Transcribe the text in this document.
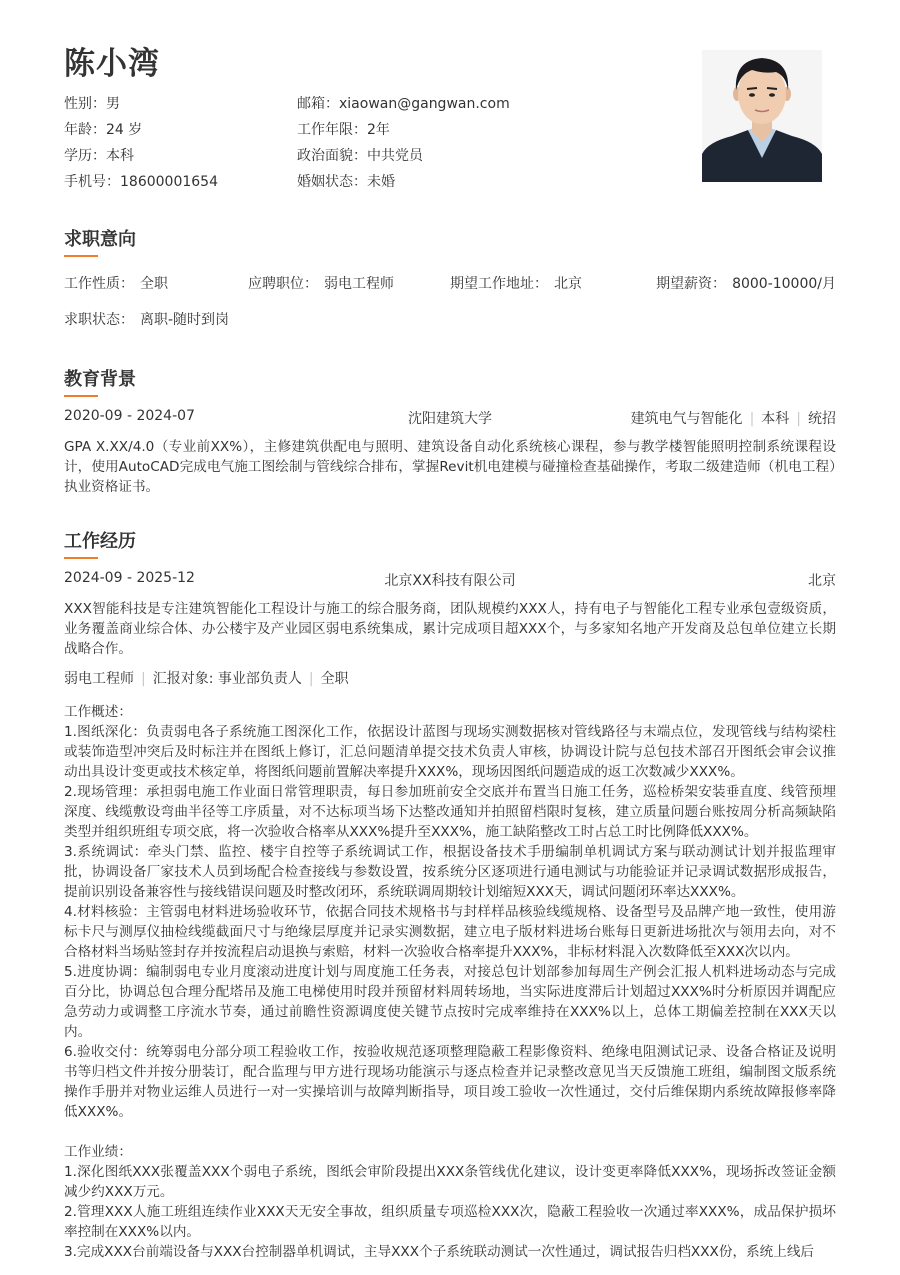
陈小湾
性别：男	邮箱：xiaowan@gangwan.com
年龄：24 岁	工作年限：2年
学历：本科	政治面貌：中共党员
手机号：18600001654	婚姻状态：未婚
求职意向
工作性质： 全职	应聘职位： 弱电工程师	期望工作地址： 北京	期望薪资： 8000-10000/月
求职状态： 离职-随时到岗
教育背景
2020-09 - 2024-07	沈阳建筑大学	建筑电气与智能化 | 本科 | 统招

GPA X.XX/4.0（专业前XX%），主修建筑供配电与照明、建筑设备自动化系统核心课程，参与教学楼智能照明控制系统课程设计，使用AutoCAD完成电气施工图绘制与管线综合排布，掌握Revit机电建模与碰撞检查基础操作，考取二级建造师（机电工程）执业资格证书。

工作经历
2024-09 - 2025-12	北京XX科技有限公司	北京

XXX智能科技是专注建筑智能化工程设计与施工的综合服务商，团队规模约XXX人，持有电子与智能化工程专业承包壹级资质，业务覆盖商业综合体、办公楼宇及产业园区弱电系统集成，累计完成项目超XXX个，与多家知名地产开发商及总包单位建立长期战略合作。

弱电工程师 | 汇报对象: 事业部负责人 | 全职

工作概述：

1.图纸深化：负责弱电各子系统施工图深化工作，依据设计蓝图与现场实测数据核对管线路径与末端点位，发现管线与结构梁柱或装饰造型冲突后及时标注并在图纸上修订，汇总问题清单提交技术负责人审核，协调设计院与总包技术部召开图纸会审会议推动出具设计变更或技术核定单，将图纸问题前置解决率提升XXX%，现场因图纸问题造成的返工次数减少XXX%。

2.现场管理：承担弱电施工作业面日常管理职责，每日参加班前安全交底并布置当日施工任务，巡检桥架安装垂直度、线管预埋深度、线缆敷设弯曲半径等工序质量，对不达标项当场下达整改通知并拍照留档限时复核，建立质量问题台账按周分析高频缺陷类型并组织班组专项交底，将一次验收合格率从XXX%提升至XXX%，施工缺陷整改工时占总工时比例降低XXX%。

3.系统调试：牵头门禁、监控、楼宇自控等子系统调试工作，根据设备技术手册编制单机调试方案与联动测试计划并报监理审批，协调设备厂家技术人员到场配合检查接线与参数设置，按系统分区逐项进行通电测试与功能验证并记录调试数据形成报告，提前识别设备兼容性与接线错误问题及时整改闭环，系统联调周期较计划缩短XXX天，调试问题闭环率达XXX%。

4.材料核验：主管弱电材料进场验收环节，依据合同技术规格书与封样样品核验线缆规格、设备型号及品牌产地一致性，使用游标卡尺与测厚仪抽检线缆截面尺寸与绝缘层厚度并记录实测数据，建立电子版材料进场台账每日更新进场批次与领用去向，对不合格材料当场贴签封存并按流程启动退换与索赔，材料一次验收合格率提升XXX%，非标材料混入次数降低至XXX次以内。

5.进度协调：编制弱电专业月度滚动进度计划与周度施工任务表，对接总包计划部参加每周生产例会汇报人机料进场动态与完成百分比，协调总包合理分配塔吊及施工电梯使用时段并预留材料周转场地，当实际进度滞后计划超过XXX%时分析原因并调配应急劳动力或调整工序流水节奏，通过前瞻性资源调度使关键节点按时完成率维持在XXX%以上，总体工期偏差控制在XXX天以内。

6.验收交付：统筹弱电分部分项工程验收工作，按验收规范逐项整理隐蔽工程影像资料、绝缘电阻测试记录、设备合格证及说明书等归档文件并按分册装订，配合监理与甲方进行现场功能演示与逐点检查并记录整改意见当天反馈施工班组，编制图文版系统操作手册并对物业运维人员进行一对一实操培训与故障判断指导，项目竣工验收一次性通过，交付后维保期内系统故障报修率降低XXX%。

工作业绩：

1.深化图纸XXX张覆盖XXX个弱电子系统，图纸会审阶段提出XXX条管线优化建议，设计变更率降低XXX%，现场拆改签证金额减少约XXX万元。

2.管理XXX人施工班组连续作业XXX天无安全事故，组织质量专项巡检XXX次，隐蔽工程验收一次通过率XXX%，成品保护损坏率控制在XXX%以内。

3.完成XXX台前端设备与XXX台控制器单机调试，主导XXX个子系统联动测试一次性通过，调试报告归档XXX份，系统上线后
